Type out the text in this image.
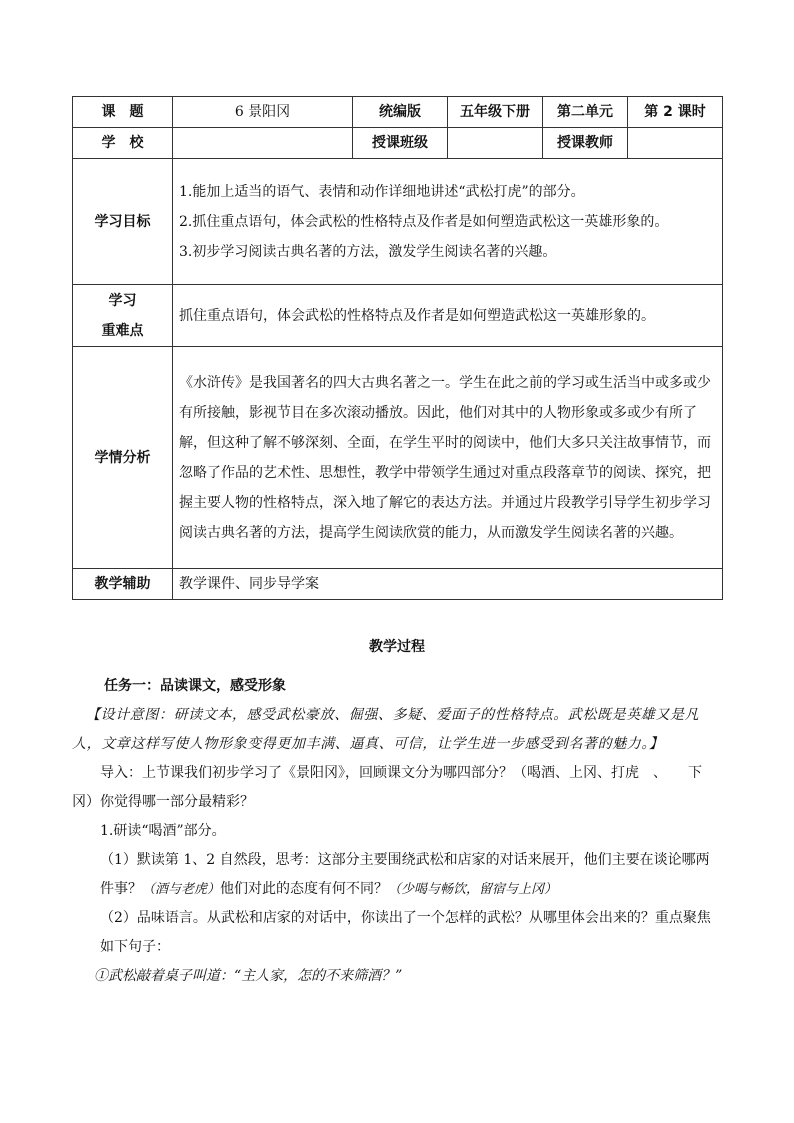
课　题	6 景阳冈	统编版	五年级下册	第二单元	第 2 课时
学　校		授课班级		授课教师	
学习目标	1.能加上适当的语气、表情和动作详细地讲述“武松打虎”的部分。
2.抓住重点语句，体会武松的性格特点及作者是如何塑造武松这一英雄形象的。
3.初步学习阅读古典名著的方法，激发学生阅读名著的兴趣。				

学习
重难点	抓住重点语句，体会武松的性格特点及作者是如何塑造武松这一英雄形象的。				
学情分析	《水浒传》是我国著名的四大古典名著之一。学生在此之前的学习或生活当中或多或少有所接触，影视节目在多次滚动播放。因此，他们对其中的人物形象或多或少有所了解，但这种了解不够深刻、全面，在学生平时的阅读中，他们大多只关注故事情节，而忽略了作品的艺术性、思想性，教学中带领学生通过对重点段落章节的阅读、探究，把握主要人物的性格特点，深入地了解它的表达方法。并通过片段教学引导学生初步学习阅读古典名著的方法，提高学生阅读欣赏的能力，从而激发学生阅读名著的兴趣。				
教学辅助	教学课件、同步导学案				
教学过程

任务一：品读课文，感受形象

【设计意图：研读文本，感受武松豪放、倔强、多疑、爱面子的性格特点。武松既是英雄又是凡人，文章这样写使人物形象变得更加丰满、逼真、可信，让学生进一步感受到名著的魅力。】

导入：上节课我们初步学习了《景阳冈》，回顾课文分为哪四部分？（喝酒、上冈、打虎　、　　下冈）你觉得哪一部分最精彩？

1.研读“喝酒”部分。

（1）默读第 1、2 自然段，思考：这部分主要围绕武松和店家的对话来展开，他们主要在谈论哪两件事？（酒与老虎）他们对此的态度有何不同？（少喝与畅饮，留宿与上冈）

（2）品味语言。从武松和店家的对话中，你读出了一个怎样的武松？从哪里体会出来的？重点聚焦如下句子：

①武松敲着桌子叫道：“主人家，怎的不来筛酒？”
